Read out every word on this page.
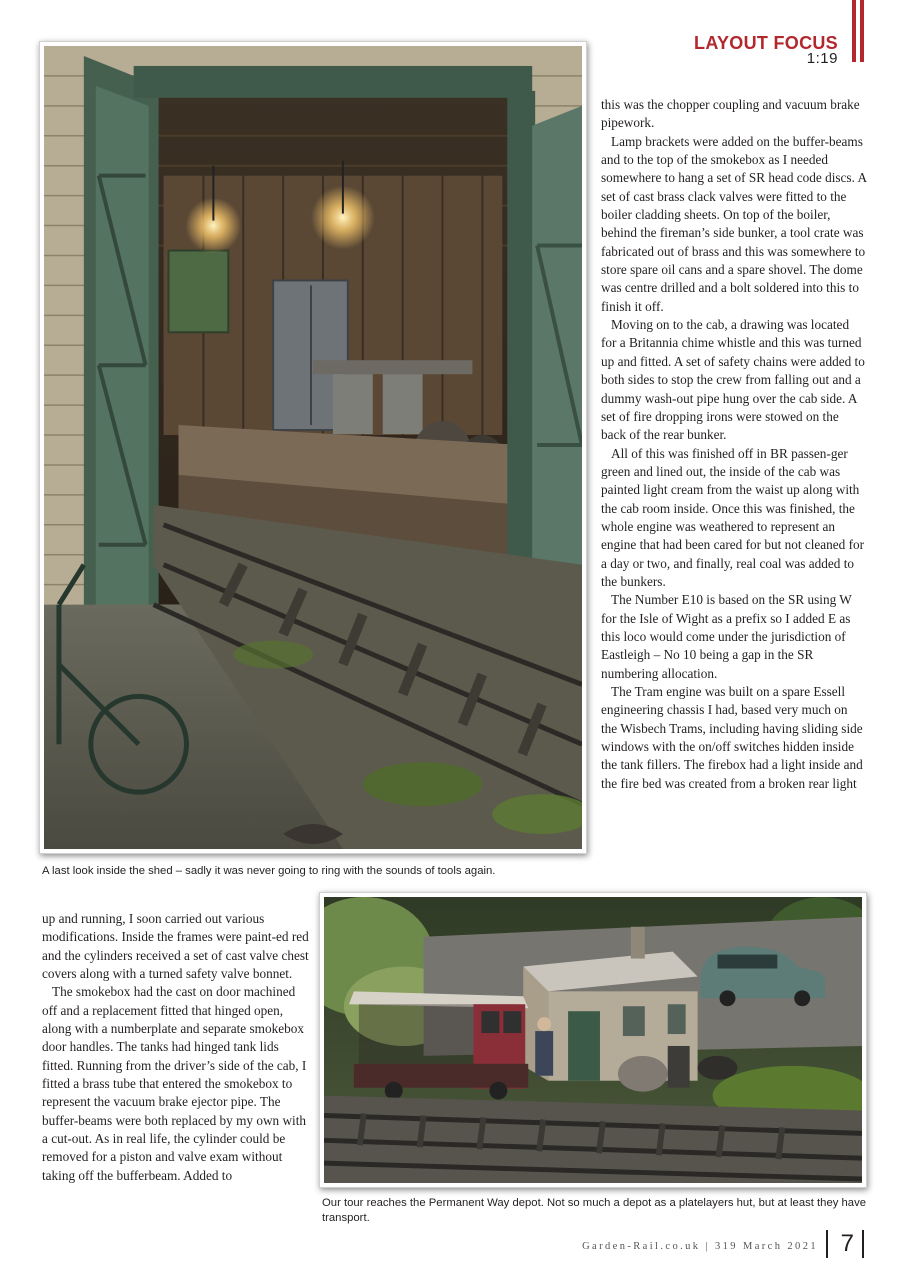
LAYOUT FOCUS
1:19

A last look inside the shed – sadly it was never going to ring with the sounds of tools again.

this was the chopper coupling and vacuum brake pipework.

Lamp brackets were added on the buffer-beams and to the top of the smokebox as I needed somewhere to hang a set of SR head code discs. A set of cast brass clack valves were fitted to the boiler cladding sheets. On top of the boiler, behind the fireman’s side bunker, a tool crate was fabricated out of brass and this was somewhere to store spare oil cans and a spare shovel. The dome was centre drilled and a bolt soldered into this to finish it off.

Moving on to the cab, a drawing was located for a Britannia chime whistle and this was turned up and fitted. A set of safety chains were added to both sides to stop the crew from falling out and a dummy wash-out pipe hung over the cab side. A set of fire dropping irons were stowed on the back of the rear bunker.

All of this was finished off in BR passen-ger green and lined out, the inside of the cab was painted light cream from the waist up along with the cab room inside. Once this was finished, the whole engine was weathered to represent an engine that had been cared for but not cleaned for a day or two, and finally, real coal was added to the bunkers.

The Number E10 is based on the SR using W for the Isle of Wight as a prefix so I added E as this loco would come under the jurisdiction of Eastleigh – No 10 being a gap in the SR numbering allocation.

The Tram engine was built on a spare Essell engineering chassis I had, based very much on the Wisbech Trams, including having sliding side windows with the on/off switches hidden inside the tank fillers. The firebox had a light inside and the fire bed was created from a broken rear light

Our tour reaches the Permanent Way depot. Not so much a depot as a platelayers hut, but at least they have transport.

up and running, I soon carried out various modifications. Inside the frames were paint-ed red and the cylinders received a set of cast valve chest covers along with a turned safety valve bonnet.

The smokebox had the cast on door machined off and a replacement fitted that hinged open, along with a numberplate and separate smokebox door handles. The tanks had hinged tank lids fitted. Running from the driver’s side of the cab, I fitted a brass tube that entered the smokebox to represent the vacuum brake ejector pipe. The buffer-beams were both replaced by my own with a cut-out. As in real life, the cylinder could be removed for a piston and valve exam without taking off the bufferbeam. Added to

Garden-Rail.co.uk | 319 March 2021 7
